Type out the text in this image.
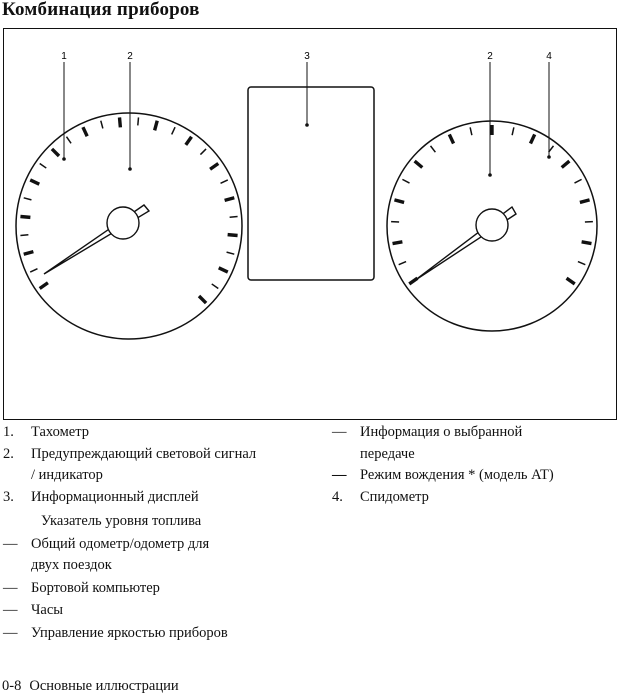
Комбинация приборов
1	2	3	2	4
1.	Тахометр
2.	Предупреждающий световой сигнал
/ индикатор
3.	Информационный дисплей
Указатель уровня топлива
— Общий одометр/одометр для
двух поездок
— Бортовой компьютер
— Часы
— Управление яркостью приборов
— Информация о выбранной
передаче
— Режим вождения * (модель AT)
4.	Спидометр
0-8 Основные иллюстрации
